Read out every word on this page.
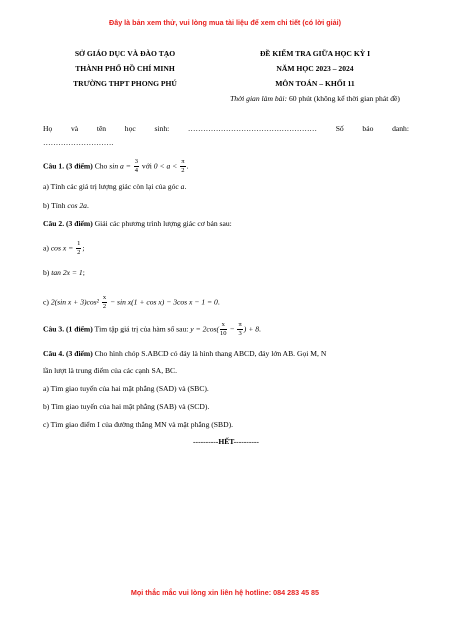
Đây là bản xem thử, vui lòng mua tài liệu để xem chi tiết (có lời giải)
SỞ GIÁO DỤC VÀ ĐÀO TẠO
THÀNH PHỐ HỒ CHÍ MINH
TRƯỜNG THPT PHONG PHÚ
ĐỀ KIỂM TRA GIỮA HỌC KỲ I
NĂM HỌC 2023 – 2024
MÔN TOÁN – KHỐI 11
Thời gian làm bài: 60 phút (không kể thời gian phát đề)
Họ và tên học sinh: …………………………………………… Số báo danh:
……………………….
Câu 1. (3 điểm) Cho $\sin a = \frac{3}{4}$ với $0 < a < \frac{\pi}{2}$ .
a) Tính các giá trị lượng giác còn lại của góc a.
b) Tính cos 2a.
Câu 2. (3 điểm) Giải các phương trình lượng giác cơ bản sau:
a) $\cos x = \frac{1}{2}$ ;
b) tan 2x = 1;
c) 2(sin $x + 3)\cos^2 \frac{x}{2} - \sin x(1 + \cos x) - 3\cos$ x − 1 = 0.
Câu 3. (1 điểm) Tìm tập giá trị của hàm số sau: $y = 2\cos( \frac{x}{10} - \frac{\pi}{3}$ ) + 8.
Câu 4. (3 điểm) Cho hình chóp S.ABCD có đáy là hình thang ABCD, đáy lớn AB. Gọi M, N
lần lượt là trung điểm của các cạnh SA, BC.
a) Tìm giao tuyến của hai mặt phẳng (SAD) và (SBC).
b) Tìm giao tuyến của hai mặt phẳng (SAB) và (SCD).
c) Tìm giao điểm I của đường thẳng MN và mặt phẳng (SBD).
----------HẾT----------
Mọi thắc mắc vui lòng xin liên hệ hotline: 084 283 45 85
